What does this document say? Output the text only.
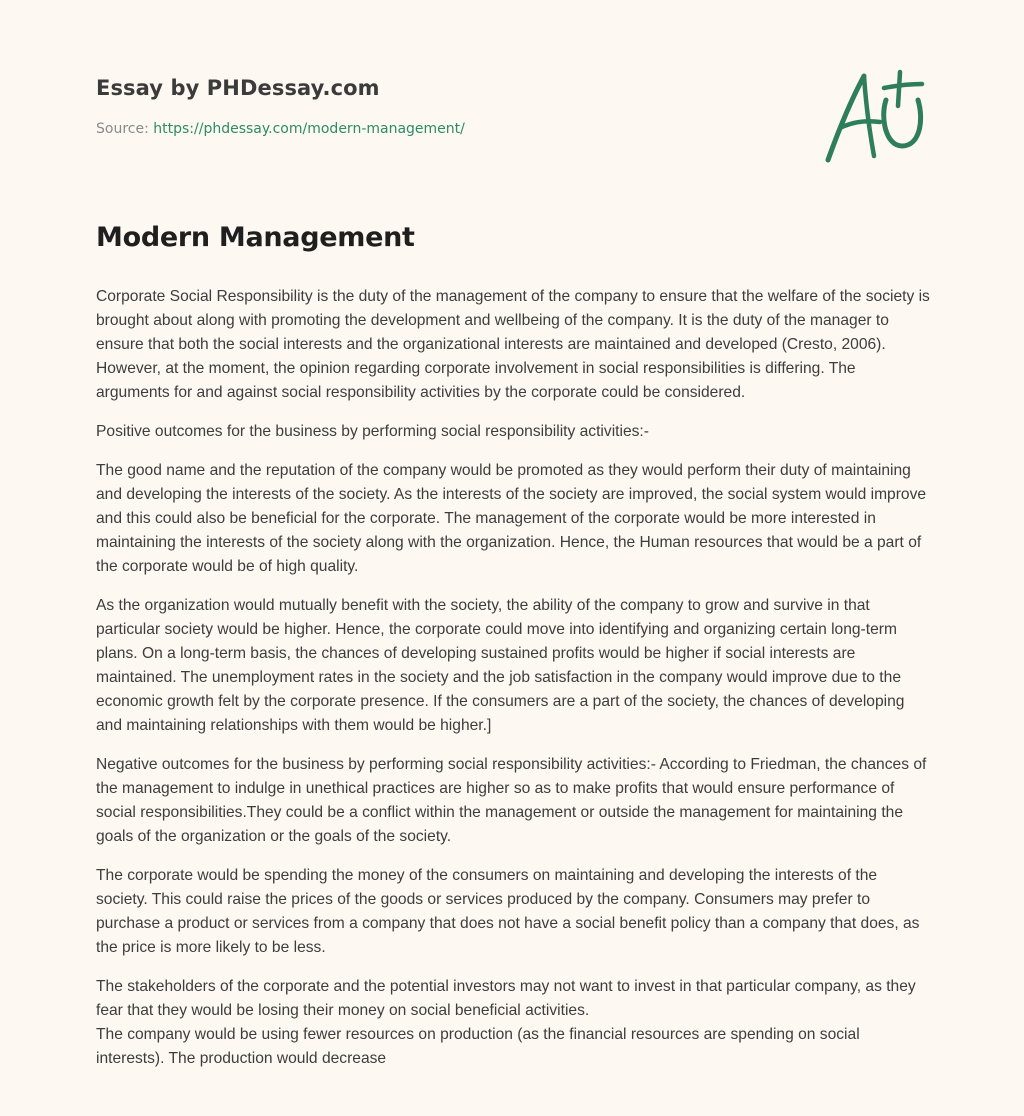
Essay by PHDessay.com
Source: https://phdessay.com/modern-management/
Modern Management

Corporate Social Responsibility is the duty of the management of the company to ensure that the welfare of the society is brought about along with promoting the development and wellbeing of the company. It is the duty of the manager to ensure that both the social interests and the organizational interests are maintained and developed (Cresto, 2006). However, at the moment, the opinion regarding corporate involvement in social responsibilities is differing. The arguments for and against social responsibility activities by the corporate could be considered.

Positive outcomes for the business by performing social responsibility activities:-

The good name and the reputation of the company would be promoted as they would perform their duty of maintaining and developing the interests of the society. As the interests of the society are improved, the social system would improve and this could also be beneficial for the corporate. The management of the corporate would be more interested in maintaining the interests of the society along with the organization. Hence, the Human resources that would be a part of the corporate would be of high quality.

As the organization would mutually benefit with the society, the ability of the company to grow and survive in that particular society would be higher. Hence, the corporate could move into identifying and organizing certain long-term plans. On a long-term basis, the chances of developing sustained profits would be higher if social interests are maintained. The unemployment rates in the society and the job satisfaction in the company would improve due to the economic growth felt by the corporate presence. If the consumers are a part of the society, the chances of developing and maintaining relationships with them would be higher.]

Negative outcomes for the business by performing social responsibility activities:- According to Friedman, the chances of the management to indulge in unethical practices are higher so as to make profits that would ensure performance of social responsibilities.They could be a conflict within the management or outside the management for maintaining the goals of the organization or the goals of the society.

The corporate would be spending the money of the consumers on maintaining and developing the interests of the society. This could raise the prices of the goods or services produced by the company. Consumers may prefer to purchase a product or services from a company that does not have a social benefit policy than a company that does, as the price is more likely to be less.

The stakeholders of the corporate and the potential investors may not want to invest in that particular company, as they fear that they would be losing their money on social beneficial activities.

The company would be using fewer resources on production (as the financial resources are spending on social interests). The production would decrease
